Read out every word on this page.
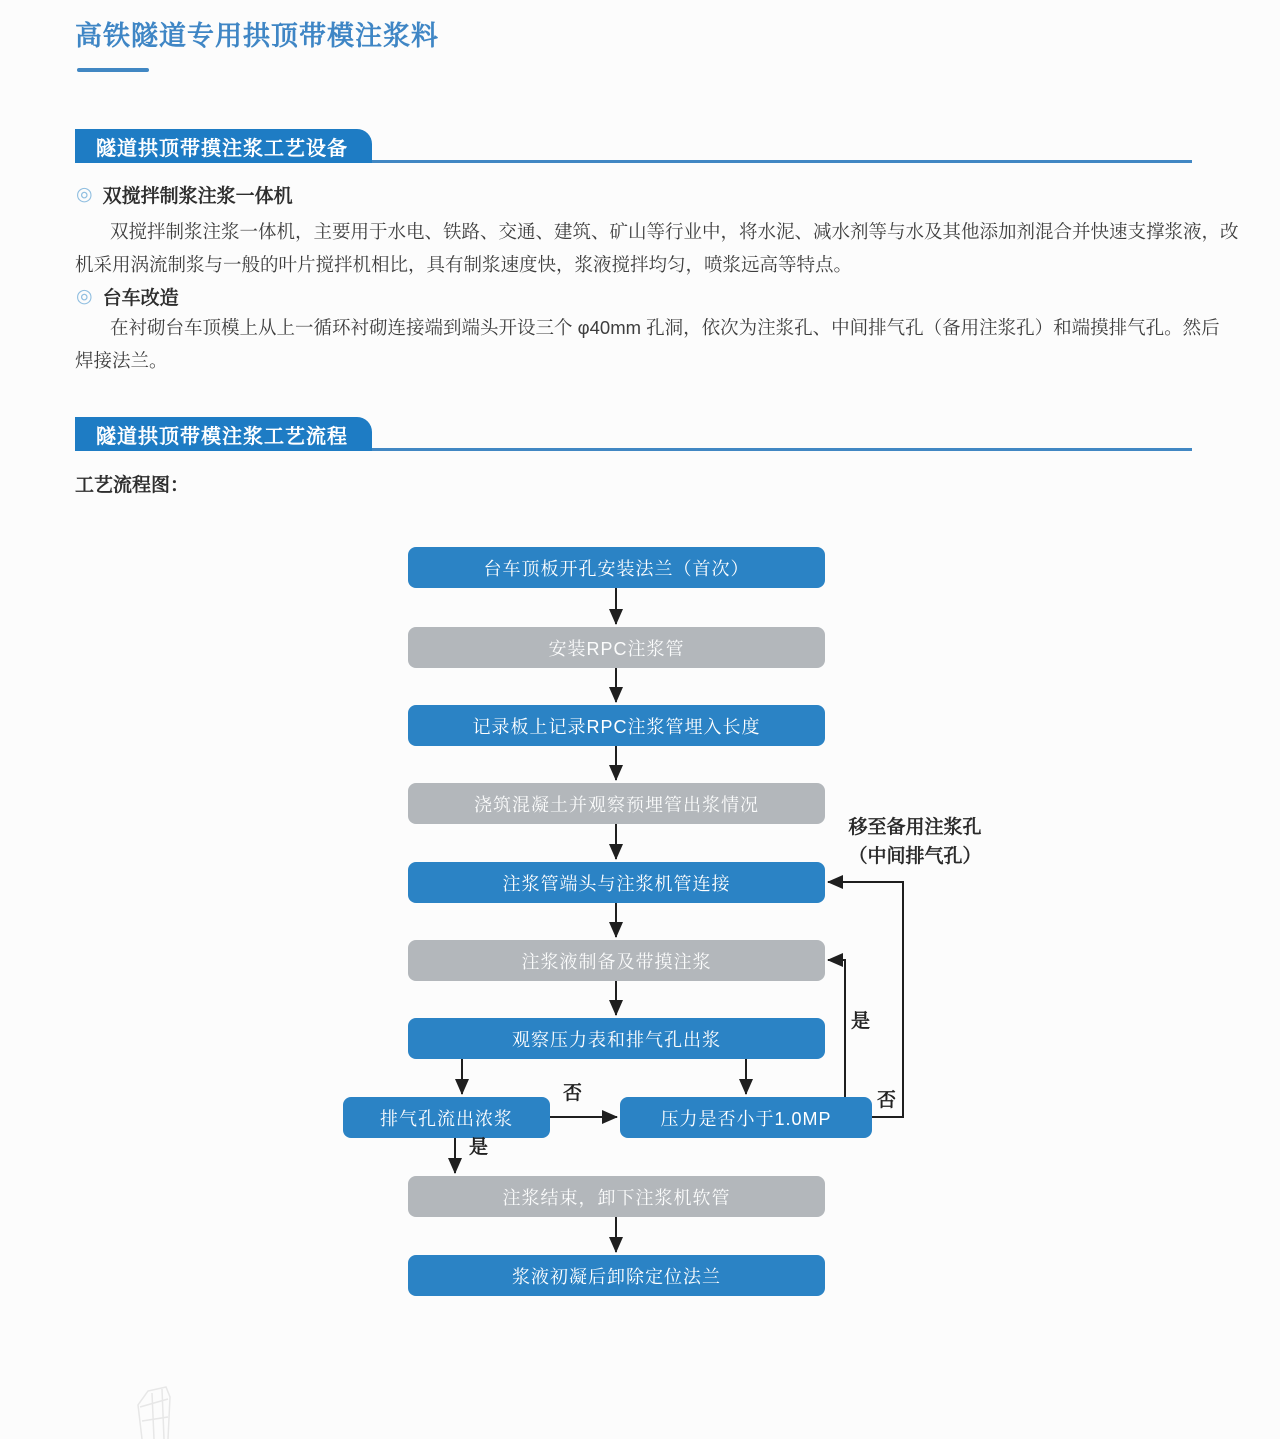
高铁隧道专用拱顶带模注浆料
隧道拱顶带摸注浆工艺设备
◎ 双搅拌制浆注浆一体机
双搅拌制浆注浆一体机，主要用于水电、铁路、交通、建筑、矿山等行业中，将水泥、减水剂等与水及其他添加剂混合并快速支撑浆液，改
机采用涡流制浆与一般的叶片搅拌机相比，具有制浆速度快，浆液搅拌均匀，喷浆远高等特点。
◎ 台车改造
在衬砌台车顶模上从上一循环衬砌连接端到端头开设三个 φ40mm 孔洞，依次为注浆孔、中间排气孔（备用注浆孔）和端摸排气孔。然后
焊接法兰。
隧道拱顶带模注浆工艺流程
工艺流程图：
台车顶板开孔安装法兰（首次）
安装RPC注浆管
记录板上记录RPC注浆管埋入长度
浇筑混凝土并观察预埋管出浆情况
注浆管端头与注浆机管连接
注浆液制备及带摸注浆
观察压力表和排气孔出浆
排气孔流出浓浆	压力是否小于1.0MP
注浆结束，卸下注浆机软管
浆液初凝后卸除定位法兰
否
是
是
否
移至备用注浆孔
（中间排气孔）
